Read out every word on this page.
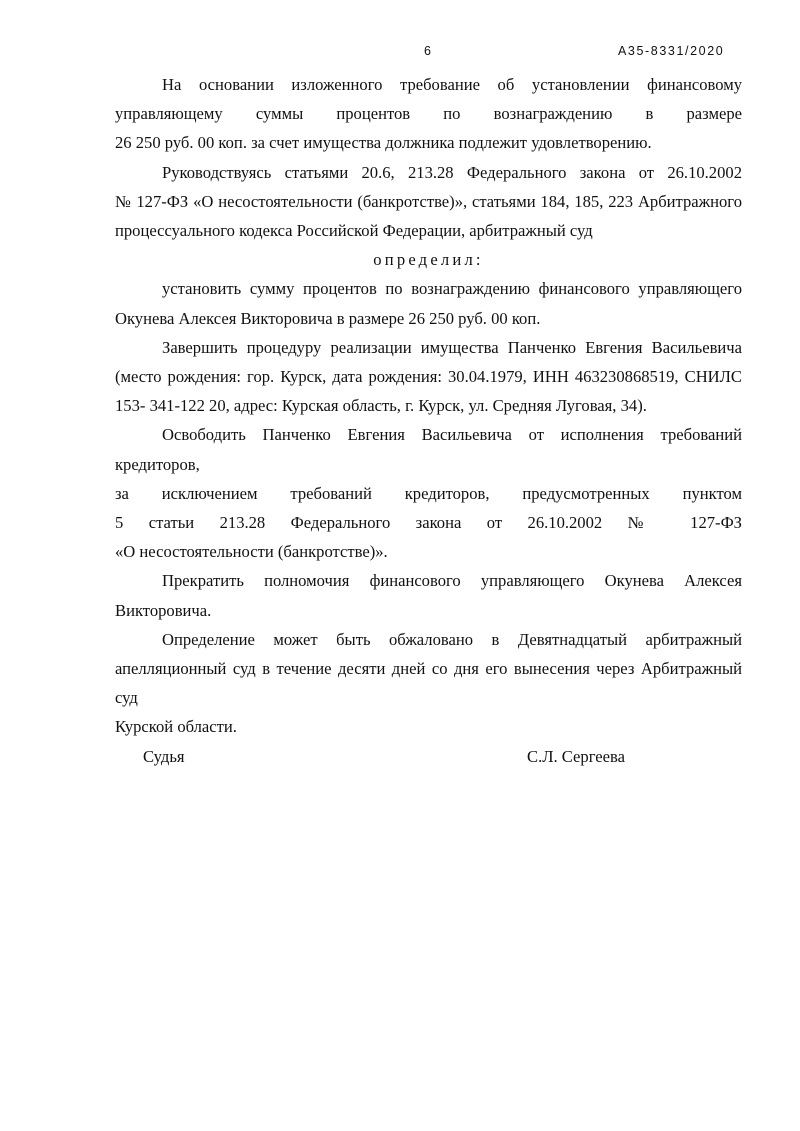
6	А35-8331/2020

На основании изложенного требование об установлении финансовому
управляющему суммы процентов по вознаграждению в размере
26 250 руб. 00 коп. за счет имущества должника подлежит удовлетворению.

Руководствуясь статьями 20.6, 213.28 Федерального закона от 26.10.2002
№ 127-ФЗ «О несостоятельности (банкротстве)», статьями 184, 185, 223 Арбитражного
процессуального кодекса Российской Федерации, арбитражный суд

определил:

установить сумму процентов по вознаграждению финансового управляющего
Окунева Алексея Викторовича в размере 26 250 руб. 00 коп.

Завершить процедуру реализации имущества Панченко Евгения Васильевича
(место рождения: гор. Курск, дата рождения: 30.04.1979, ИНН 463230868519, СНИЛС
153- 341-122 20, адрес: Курская область, г. Курск, ул. Средняя Луговая, 34).

Освободить Панченко Евгения Васильевича от исполнения требований кредиторов,
за исключением требований кредиторов, предусмотренных пунктом
5 статьи 213.28 Федерального закона от 26.10.2002 № 127-ФЗ
«О несостоятельности (банкротстве)».

Прекратить полномочия финансового управляющего Окунева Алексея
Викторовича.

Определение может быть обжаловано в Девятнадцатый арбитражный
апелляционный суд в течение десяти дней со дня его вынесения через Арбитражный суд
Курской области.

Судья	С.Л. Сергеева
